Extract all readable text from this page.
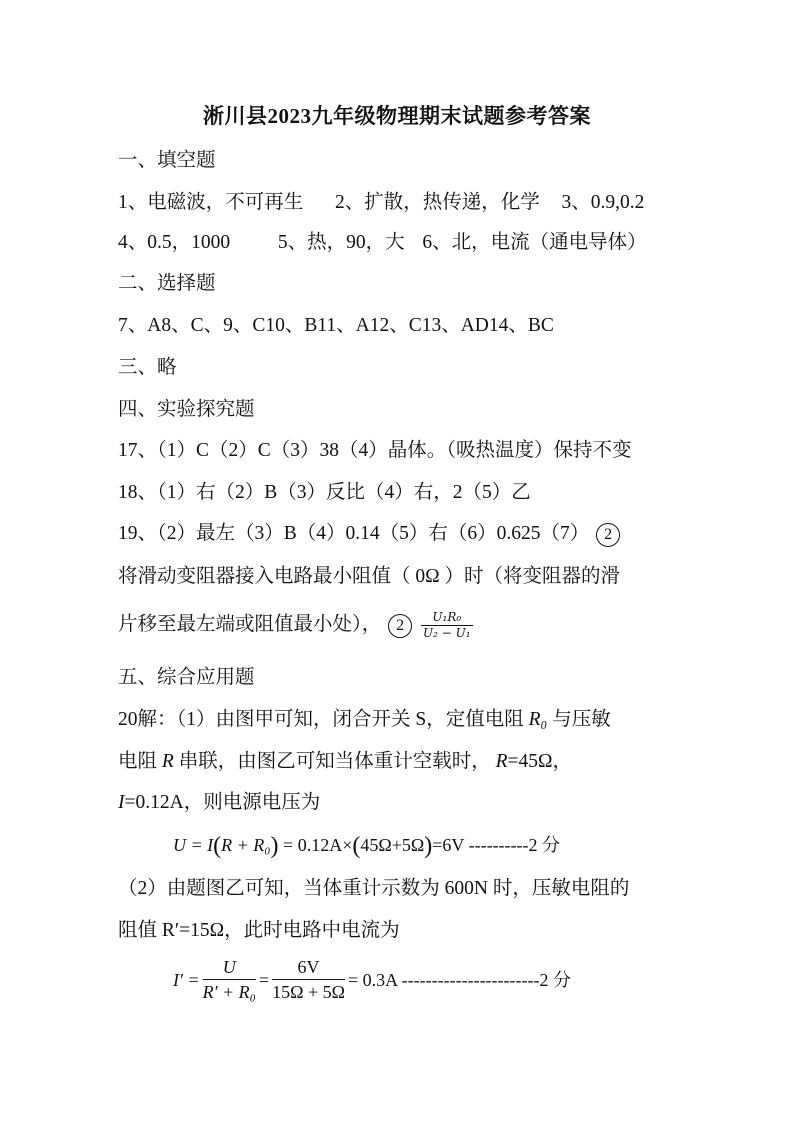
淅川县2023九年级物理期末试题参考答案
一、填空题
1、电磁波，不可再生 2、扩散，热传递，化学 3、0.9,0.2
4、0.5，1000 5、热，90，大 6、北，电流（通电导体）
二、选择题
7、A8、C、9、C10、B11、A12、C13、AD14、BC
三、略
四、实验探究题
17、（1）C（2）C（3）38（4）晶体。（吸热温度）保持不变
18、（1）右（2）B（3）反比（4）右，2（5）乙
19、（2）最左（3）B（4）0.14（5）右（6）0.625（7） 2
将滑动变阻器接入电路最小阻值（ 0Ω ）时（将变阻器的滑
片移至最左端或阻值最小处）， $2 \frac{\text{U₁R₀}}{\text{U₂ − U₁}}$
五、综合应用题
20解：（1）由图甲可知，闭合开关 S，定值电阻 R₀ 与压敏
电阻 R 串联，由图乙可知当体重计空载时， R=45Ω，
I=0.12A，则电源电压为
U = I(R + R₀) = 0.12A×(45Ω+5Ω)=6V ----------2 分
（2）由题图乙可知，当体重计示数为 600N 时，压敏电阻的
阻值 R′=15Ω，此时电路中电流为
I′ =
U
R′ + R₀
=
6V
15Ω + 5Ω
= 0.3A -----------------------2 分
